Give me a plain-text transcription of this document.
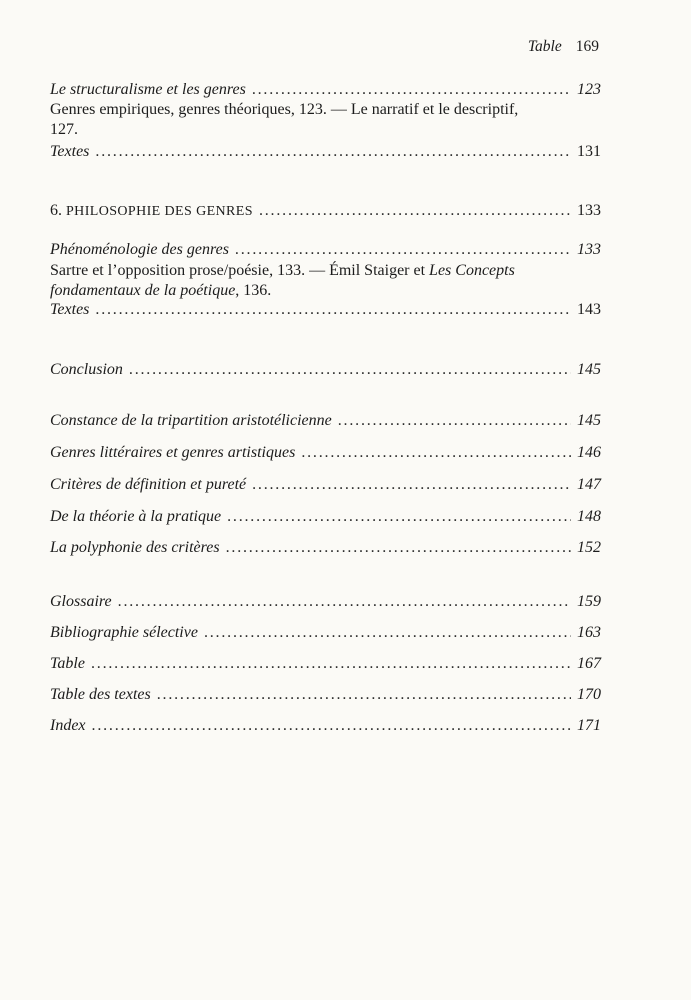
Table 169
Le structuralisme et les genres . . .	123
Genres empiriques, genres théoriques, 123. — Le narratif et le descriptif,
127.
Textes . . .	131
6. PHILOSOPHIE DES GENRES . . .	133
Phénoménologie des genres . . .	133
Sartre et l’opposition prose/poésie, 133. — Émil Staiger et Les Concepts
fondamentaux de la poétique, 136.
Textes . . .	143
Conclusion . . .	145
Constance de la tripartition aristotélicienne . . .	145
Genres littéraires et genres artistiques . . .	146
Critères de définition et pureté . . .	147
De la théorie à la pratique . . .	148
La polyphonie des critères . . .	152
Glossaire . . .	159
Bibliographie sélective . . .	163
Table . . .	167
Table des textes . . .	170
Index . . .	171
